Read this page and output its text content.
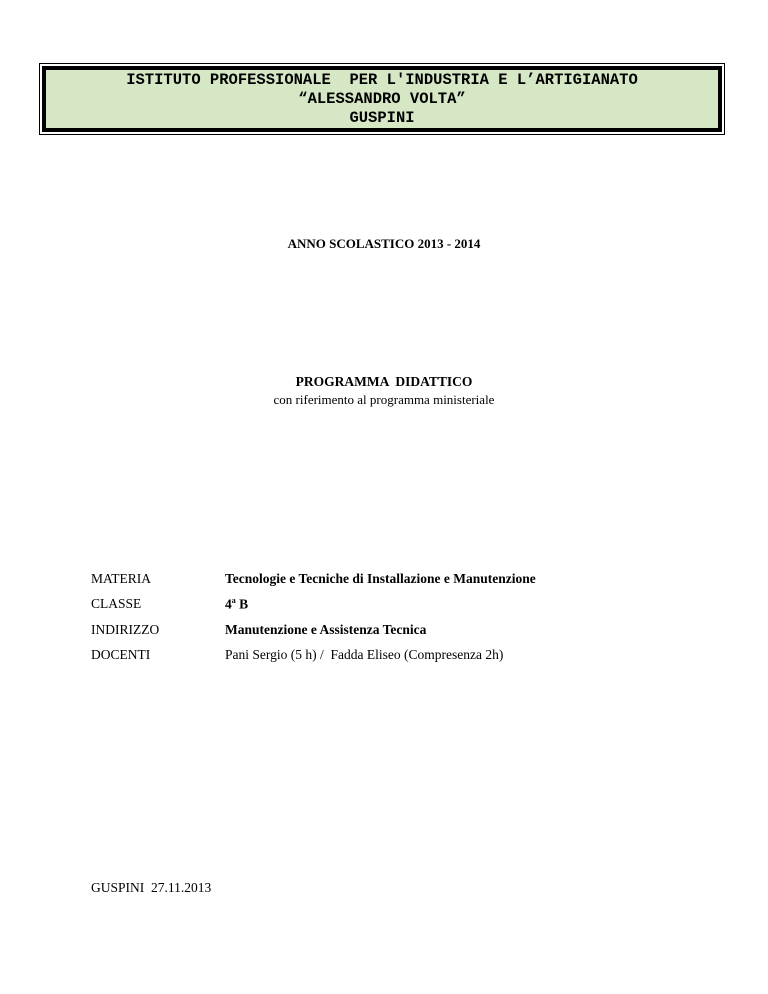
ISTITUTO PROFESSIONALE  PER L'INDUSTRIA E L’ARTIGIANATO
“ALESSANDRO VOLTA”
GUSPINI
ANNO SCOLASTICO 2013 - 2014
PROGRAMMA  DIDATTICO
con riferimento al programma ministeriale
MATERIA	Tecnologie e Tecniche di Installazione e Manutenzione
CLASSE	4$^a$ B
INDIRIZZO	Manutenzione e Assistenza Tecnica
DOCENTI	Pani Sergio (5 h) /  Fadda Eliseo (Compresenza 2h)
GUSPINI  27.11.2013
